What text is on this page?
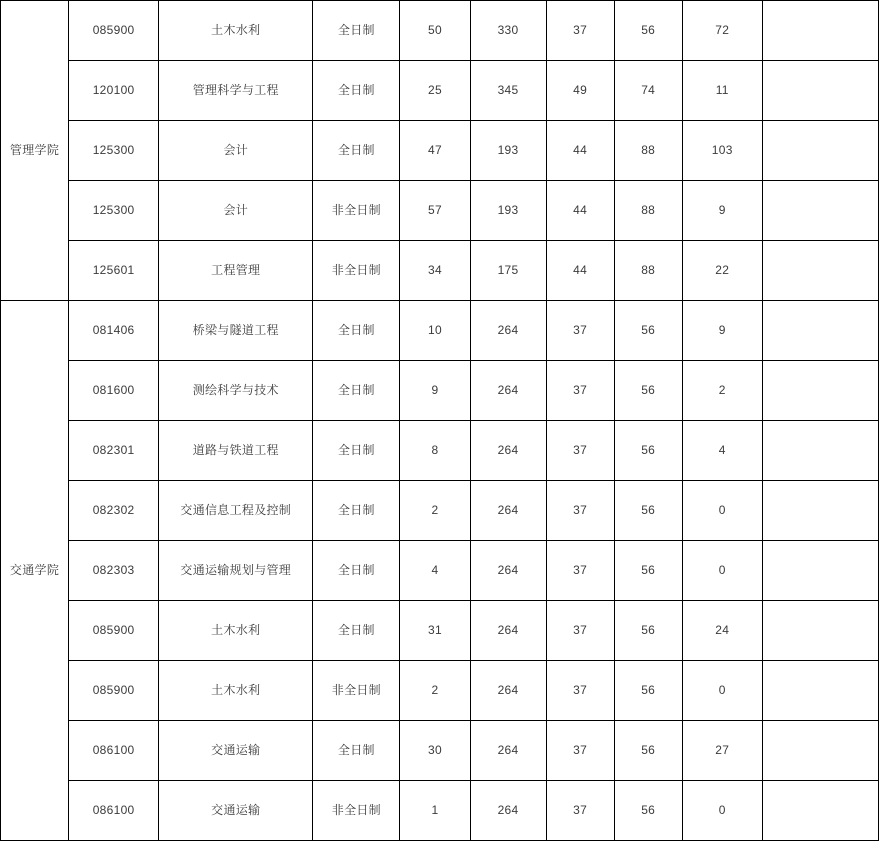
管理学院	085900	土木水利	全日制	50	330	37	56	72	
	120100	管理科学与工程	全日制	25	345	49	74	11	
	125300	会计	全日制	47	193	44	88	103	
	125300	会计	非全日制	57	193	44	88	9	
	125601	工程管理	非全日制	34	175	44	88	22	
交通学院	081406	桥梁与隧道工程	全日制	10	264	37	56	9	
	081600	测绘科学与技术	全日制	9	264	37	56	2	
	082301	道路与铁道工程	全日制	8	264	37	56	4	
	082302	交通信息工程及控制	全日制	2	264	37	56	0	
	082303	交通运输规划与管理	全日制	4	264	37	56	0	
	085900	土木水利	全日制	31	264	37	56	24	
	085900	土木水利	非全日制	2	264	37	56	0	
	086100	交通运输	全日制	30	264	37	56	27	
	086100	交通运输	非全日制	1	264	37	56	0	
